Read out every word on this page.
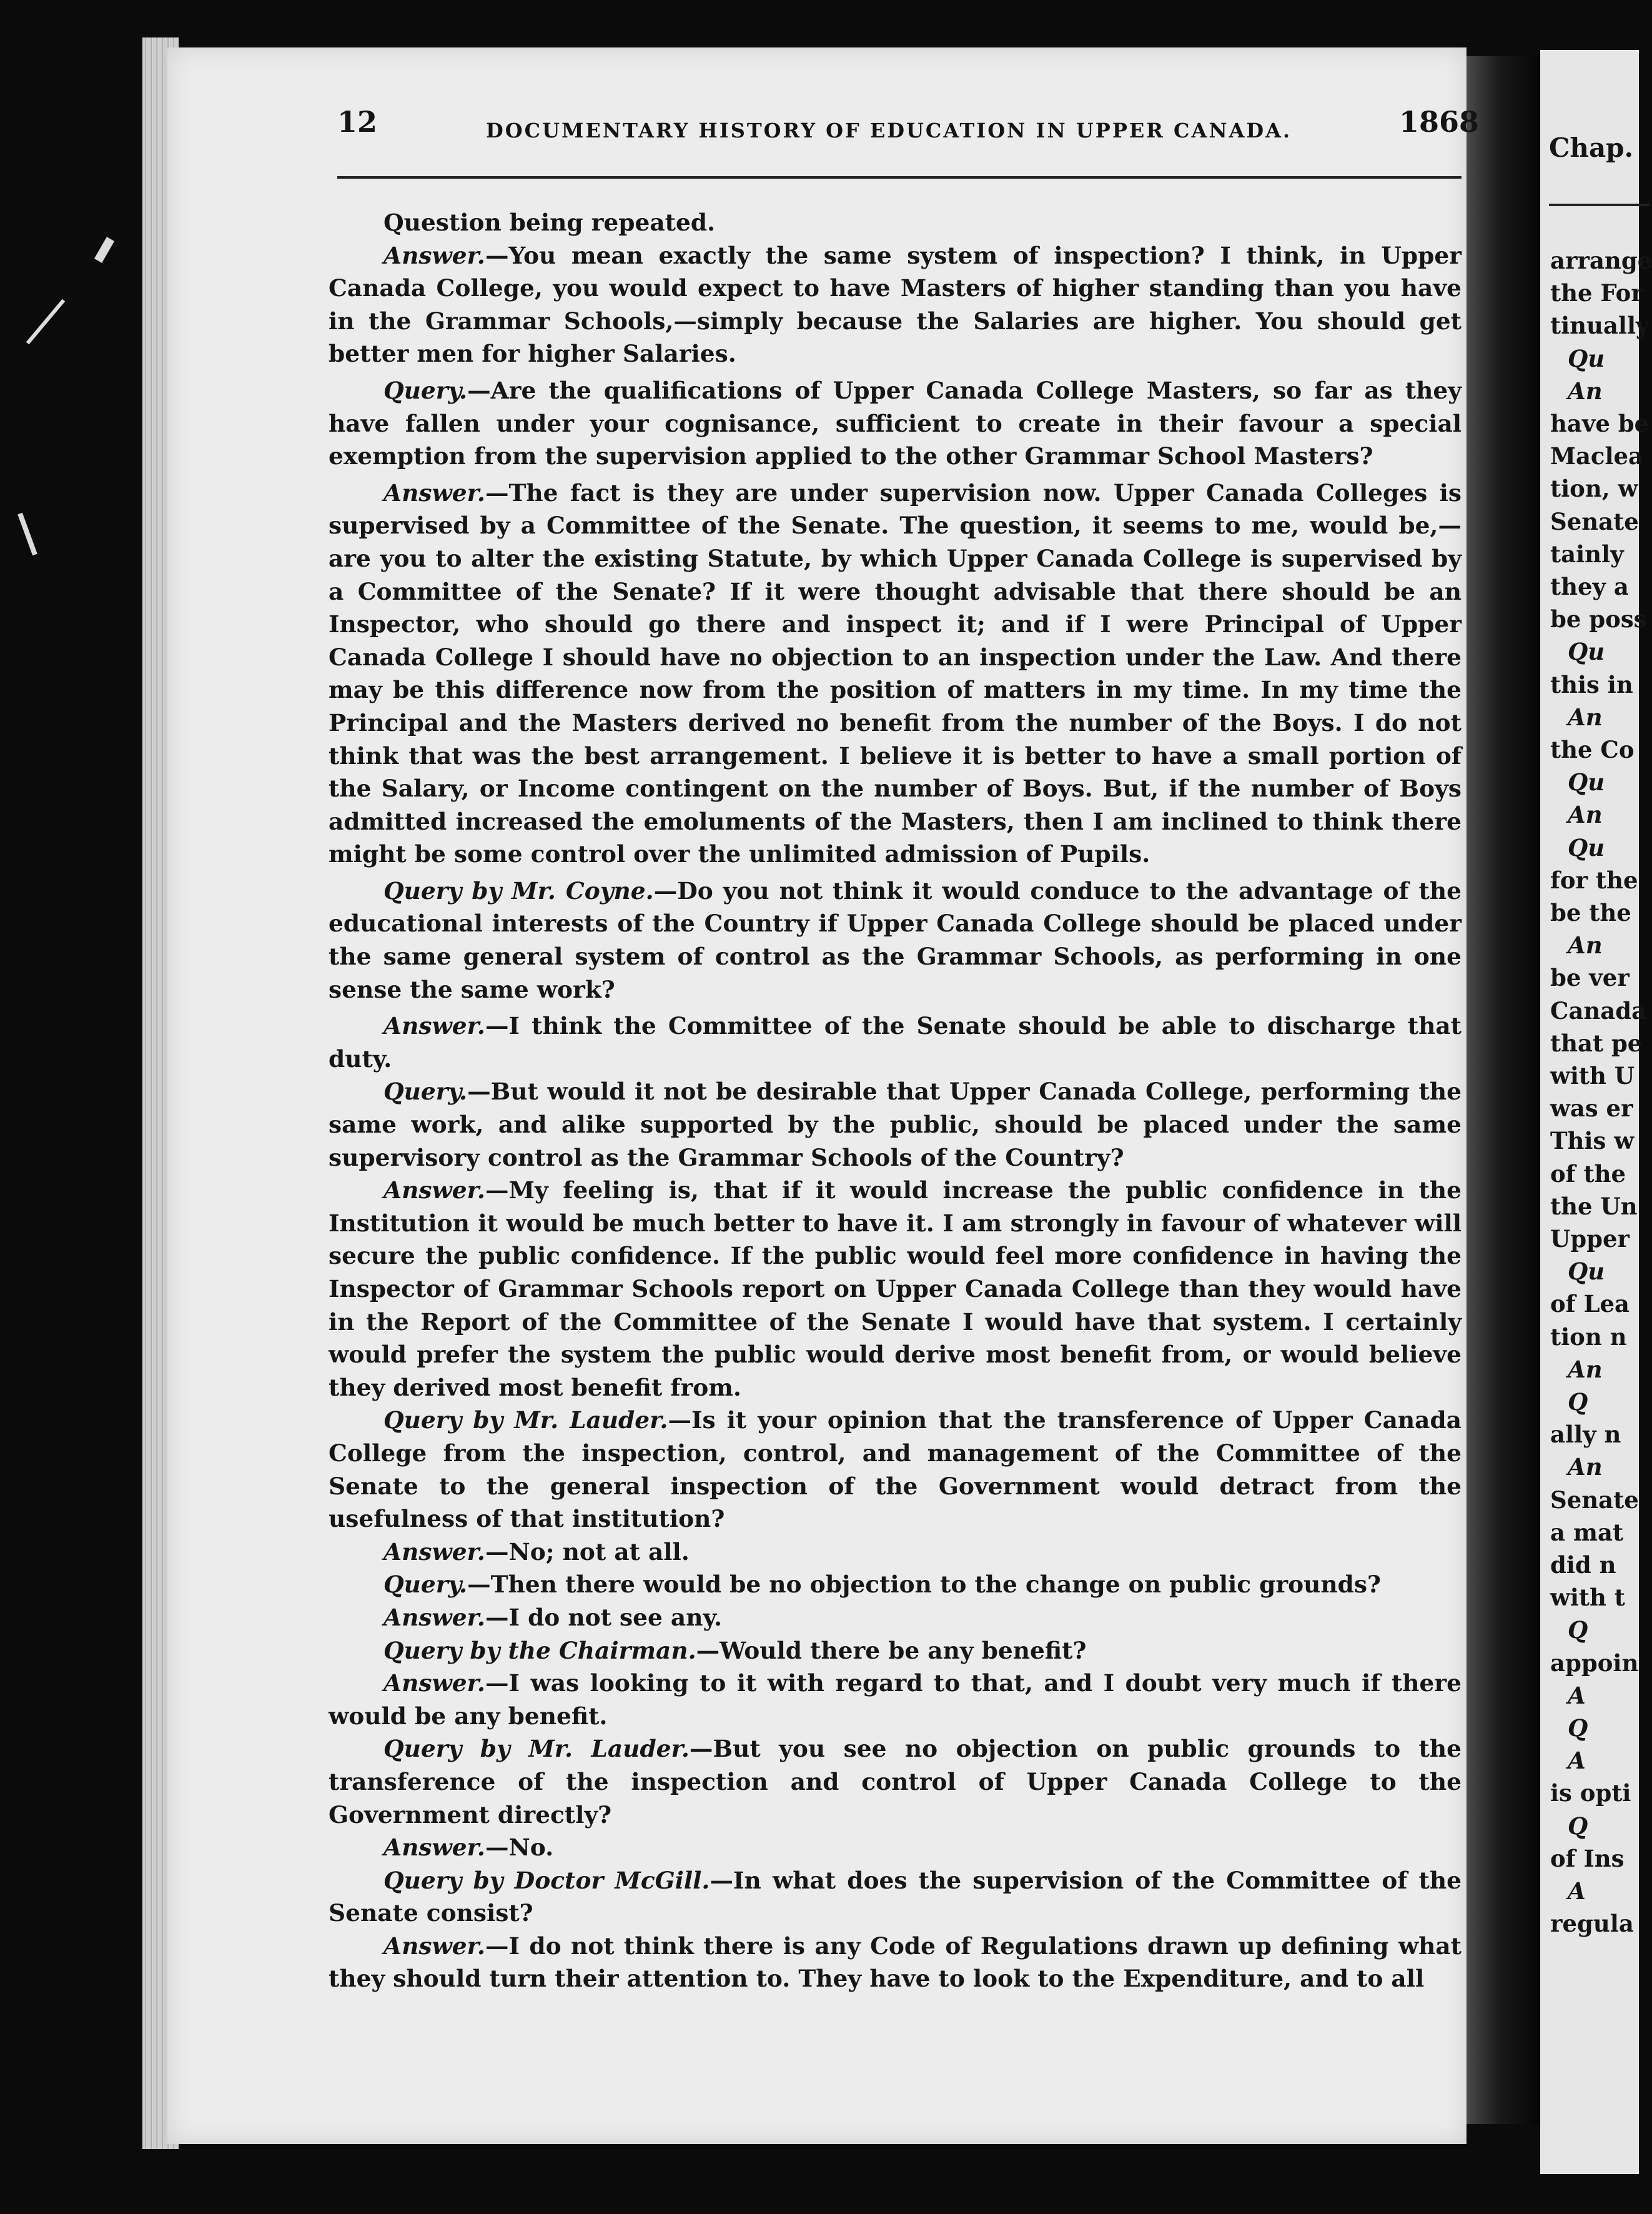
12	DOCUMENTARY HISTORY OF EDUCATION IN UPPER CANADA.	1868

Question being repeated.

Answer.—You mean exactly the same system of inspection? I think, in Upper Canada College, you would expect to have Masters of higher standing than you have in the Grammar Schools,—simply because the Salaries are higher. You should get better men for higher Salaries.

Query.—Are the qualifications of Upper Canada College Masters, so far as they have fallen under your cognisance, sufficient to create in their favour a special exemption from the supervision applied to the other Grammar School Masters?

Answer.—The fact is they are under supervision now. Upper Canada Colleges is supervised by a Committee of the Senate. The question, it seems to me, would be,—are you to alter the existing Statute, by which Upper Canada College is supervised by a Committee of the Senate? If it were thought advisable that there should be an Inspector, who should go there and inspect it; and if I were Principal of Upper Canada College I should have no objection to an inspection under the Law. And there may be this difference now from the position of matters in my time. In my time the Principal and the Masters derived no benefit from the number of the Boys. I do not think that was the best arrangement. I believe it is better to have a small portion of the Salary, or Income contingent on the number of Boys. But, if the number of Boys admitted increased the emoluments of the Masters, then I am inclined to think there might be some control over the unlimited admission of Pupils.

Query by Mr. Coyne.—Do you not think it would conduce to the advantage of the educational interests of the Country if Upper Canada College should be placed under the same general system of control as the Grammar Schools, as performing in one sense the same work?

Answer.—I think the Committee of the Senate should be able to discharge that duty.

Query.—But would it not be desirable that Upper Canada College, performing the same work, and alike supported by the public, should be placed under the same supervisory control as the Grammar Schools of the Country?

Answer.—My feeling is, that if it would increase the public confidence in the Institution it would be much better to have it. I am strongly in favour of whatever will secure the public confidence. If the public would feel more confidence in having the Inspector of Grammar Schools report on Upper Canada College than they would have in the Report of the Committee of the Senate I would have that system. I certainly would prefer the system the public would derive most benefit from, or would believe they derived most benefit from.

Query by Mr. Lauder.—Is it your opinion that the transference of Upper Canada College from the inspection, control, and management of the Committee of the Senate to the general inspection of the Government would detract from the usefulness of that institution?

Answer.—No; not at all.

Query.—Then there would be no objection to the change on public grounds?

Answer.—I do not see any.

Query by the Chairman.—Would there be any benefit?

Answer.—I was looking to it with regard to that, and I doubt very much if there would be any benefit.

Query by Mr. Lauder.—But you see no objection on public grounds to the transference of the inspection and control of Upper Canada College to the Government directly?

Answer.—No.

Query by Doctor McGill.—In what does the supervision of the Committee of the Senate consist?

Answer.—I do not think there is any Code of Regulations drawn up defining what they should turn their attention to. They have to look to the Expenditure, and to all

Chap.
arrange
the For
tinually
Qu
An
have be
Maclea
tion, w
Senate
tainly
they a
be poss
Qu
this in
An
the Co
Qu
An
Qu
for the
be the
An
be ver
Canada
that pe
with U
was er
This w
of the
the Un
Upper
Qu
of Lea
tion n
An
Q
ally n
An
Senate
a mat
did n
with t
Q
appoin
A
Q
A
is opti
Q
of Ins
A
regula
